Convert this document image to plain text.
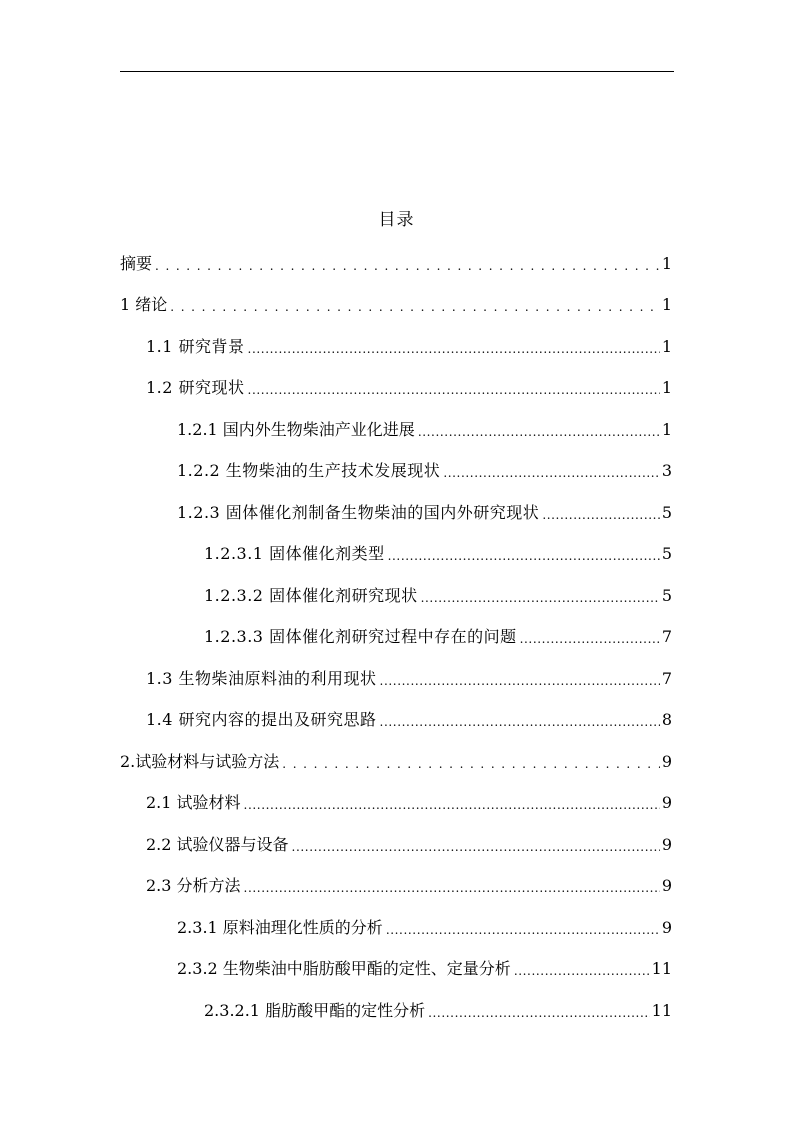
目录
摘要 . . .	1
1 绪论 . . .	1
1.1 研究背景 .....	1
1.2 研究现状 .....	1
1.2.1 国内外生物柴油产业化进展 .....	1
1.2.2 生物柴油的生产技术发展现状 .....	3
1.2.3 固体催化剂制备生物柴油的国内外研究现状 .....	5
1.2.3.1 固体催化剂类型 .....	5
1.2.3.2 固体催化剂研究现状 .....	5
1.2.3.3 固体催化剂研究过程中存在的问题 .....	7
1.3 生物柴油原料油的利用现状 .....	7
1.4 研究内容的提出及研究思路 .....	8
2.试验材料与试验方法 . . .	9
2.1 试验材料 .....	9
2.2 试验仪器与设备 .....	9
2.3 分析方法 .....	9
2.3.1 原料油理化性质的分析 .....	9
2.3.2 生物柴油中脂肪酸甲酯的定性、定量分析 .....	11
2.3.2.1 脂肪酸甲酯的定性分析 .....	11
